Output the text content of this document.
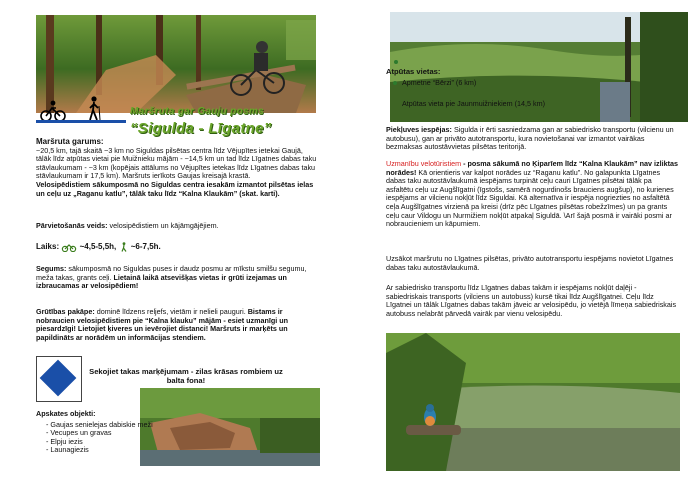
Maršruta gar Gauju posms
“Sigulda - Līgatne”
Maršruta garums:
~20,5 km, tajā skaitā ~3 km no Siguldas pilsētas centra līdz Vējupītes ietekai Gaujā, tālāk līdz atpūtas vietai pie Muižnieku mājām - ~14,5 km un tad līdz Līgatnes dabas taku stāvlaukumam - ~3 km (kopējais attālums no Vējupītes ietekas līdz Līgatnes dabas taku stāvlaukumam ir 17,5 km). Maršruts ierīkots Gaujas kreisajā krastā.
Velosipēdistiem sākumposmā no Siguldas centra iesakām izmantot pilsētas ielas un ceļu uz „Raganu katlu”, tālāk taku līdz “Kalna Klaukām” (skat. karti).
Pārvietošanās veids: velosipēdistiem un kājāmgājējiem.
Laiks:	~4,5-5,5h, ~6-7,5h.
Segums: sākumposmā no Siguldas puses ir daudz posmu ar mīkstu smilšu segumu, meža takas, grants ceļi. Lietainā laikā atsevišķas vietas ir grūti izejamas un izbraucamas ar velosipēdiem!
Grūtības pakāpe: dominē līdzens reljefs, vietām ir nelieli pauguri. Bistams ir nobraucien velosipēdistiem pie “Kalna klauku” mājām - esiet uzmanīgi un piesardzīgi! Lietojiet ķiveres un ievērojiet distanci! Maršruts ir marķēts un papildināts ar norādēm un informācijas stendiem.
Sekojiet takas marķējumam - zilas krāsas rombiem uz balta fona!
Apskates objekti:
- Gaujas senielejas dabiskie meži
- Vecupes un gravas
- Elpju iezis
- Launagiezis
Atpūtas vietas:
Apmetne “Bērzi” (6 km)
Atpūtas vieta pie Jaunmuižniekiem (14,5 km)
Piekļuves iespējas: Sigulda ir ērti sasniedzama gan ar sabiedrisko transportu (vilcienu un autobusu), gan ar privāto autotransportu, kura novietošanai var izmantot vairākas bezmaksas autostāvvietas pilsētas teritorijā.
Uzmanību velotūristiem - posma sākumā no Ķiparīem līdz “Kalna Klaukām” nav izliktas norādes! Kā orientieris var kalpot norādes uz “Raganu katlu”. No galapunkta Līgatnes dabas taku autostāvlaukumā iespējams turpināt ceļu cauri Līgatnes pilsētai tālāk pa asfaltētu ceļu uz Augšlīgatni (īgstošs, samērā nogurdinošs brauciens augšup), no kurienes iespējams ar vilcienu nokļūt līdz Siguldai. Kā alternatīva ir iespēja nogriezties no asfaltētā ceļa Augšlīgatnes virzienā pa kreisi (drīz pēc Līgatnes pilsētas robežzīmes) un pa grants ceļu caur Vildogu un Nurmižiem nokļūt atpakaļ Siguldā. \Arī šajā posmā ir vairāki posmi ar nobraucieniem un kāpumiem.
Uzsākot maršrutu no Līgatnes pilsētas, privāto autotransportu iespējams novietot Līgatnes dabas taku autostāvlaukumā.
Ar sabiedrisko transportu līdz Līgatnes dabas takām ir iespējams nokļūt daļēji - sabiedriskais transports (vilciens un autobuss) kursē tikai līdz Augšlīgatnei. Ceļu līdz Līgatnei un tālāk Līgatnes dabas takām jāveic ar velosipēdu, jo vietējā līmeņa sabiedriskais autobuss nelabrāt pārvedā vairāk par vienu velosipēdu.
